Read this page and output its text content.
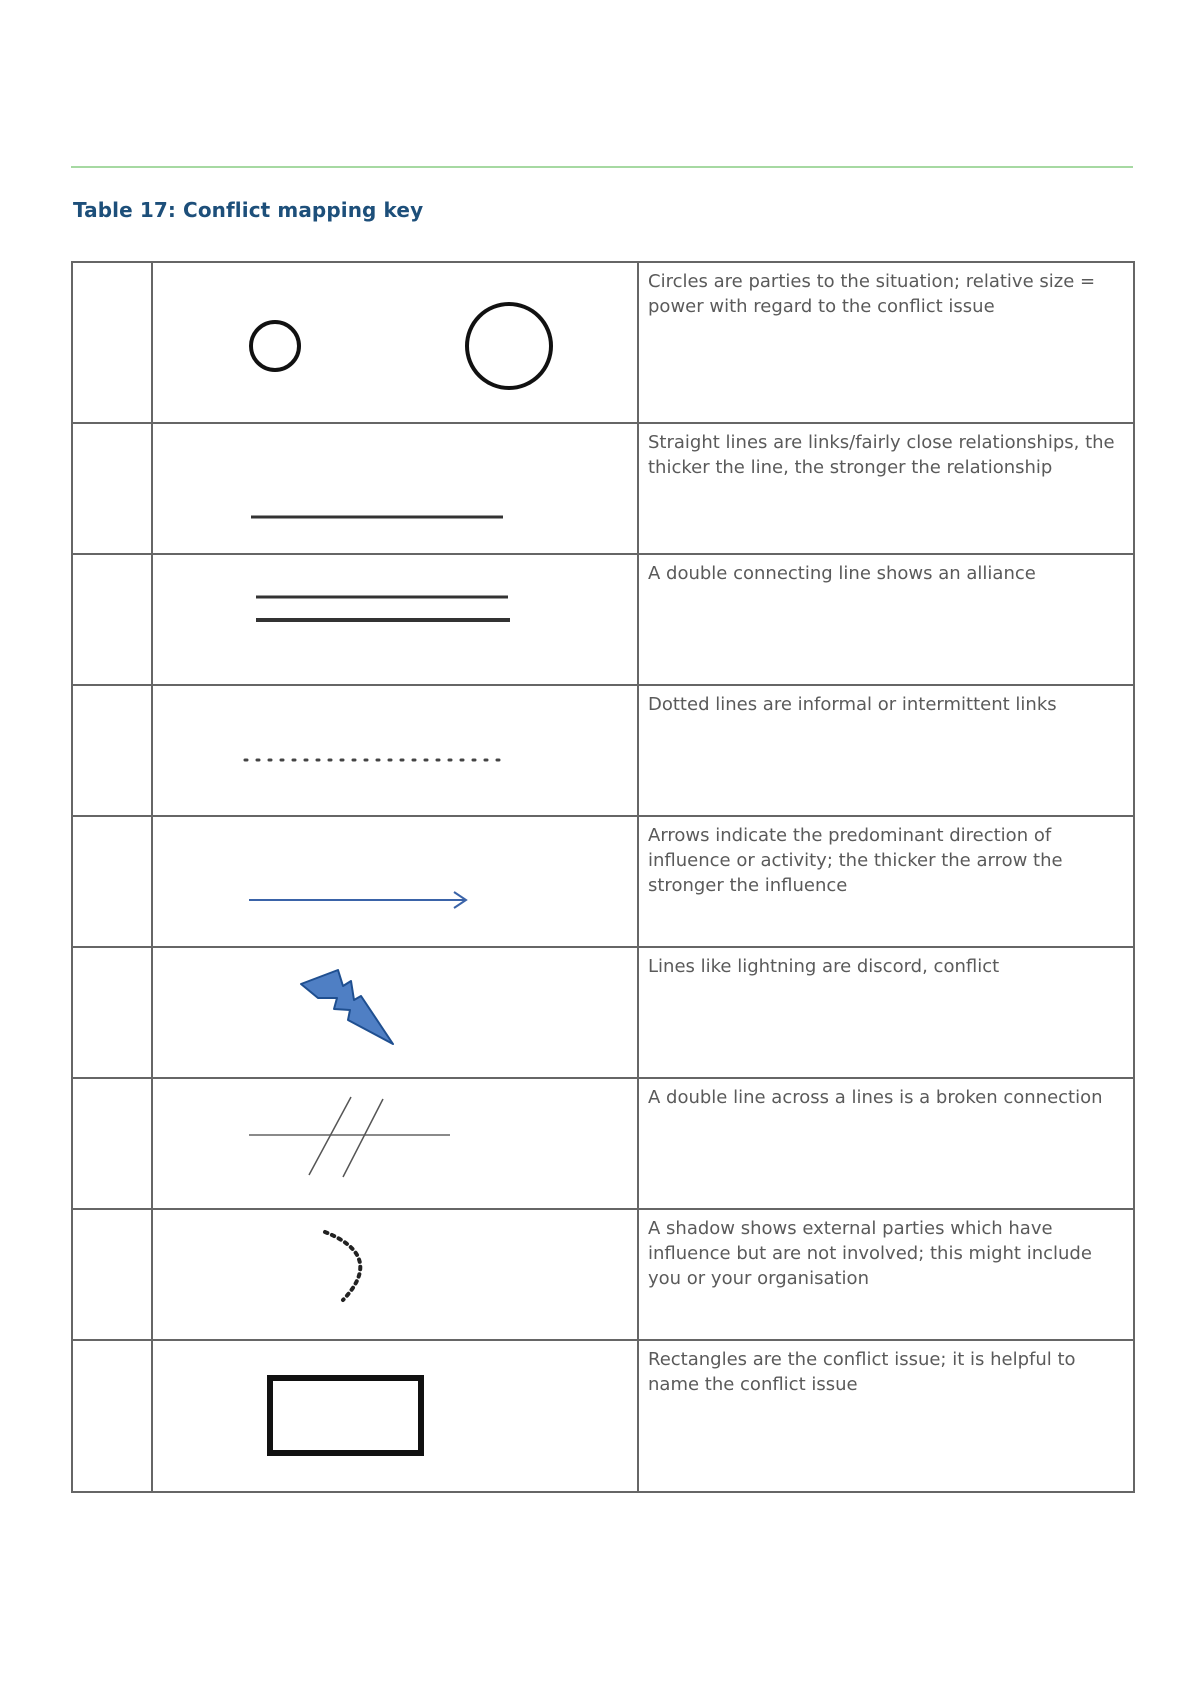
Table 17: Conflict mapping key

Circles are parties to the situation; relative size = power with regard to the conflict issue

Straight lines are links/fairly close relationships, the thicker the line, the stronger the relationship

A double connecting line shows an alliance

Dotted lines are informal or intermittent links

Arrows indicate the predominant direction of influence or activity; the thicker the arrow the stronger the influence

Lines like lightning are discord, conflict

A double line across a lines is a broken connection

A shadow shows external parties which have influence but are not involved; this might include you or your organisation

Rectangles are the conflict issue; it is helpful to name the conflict issue
